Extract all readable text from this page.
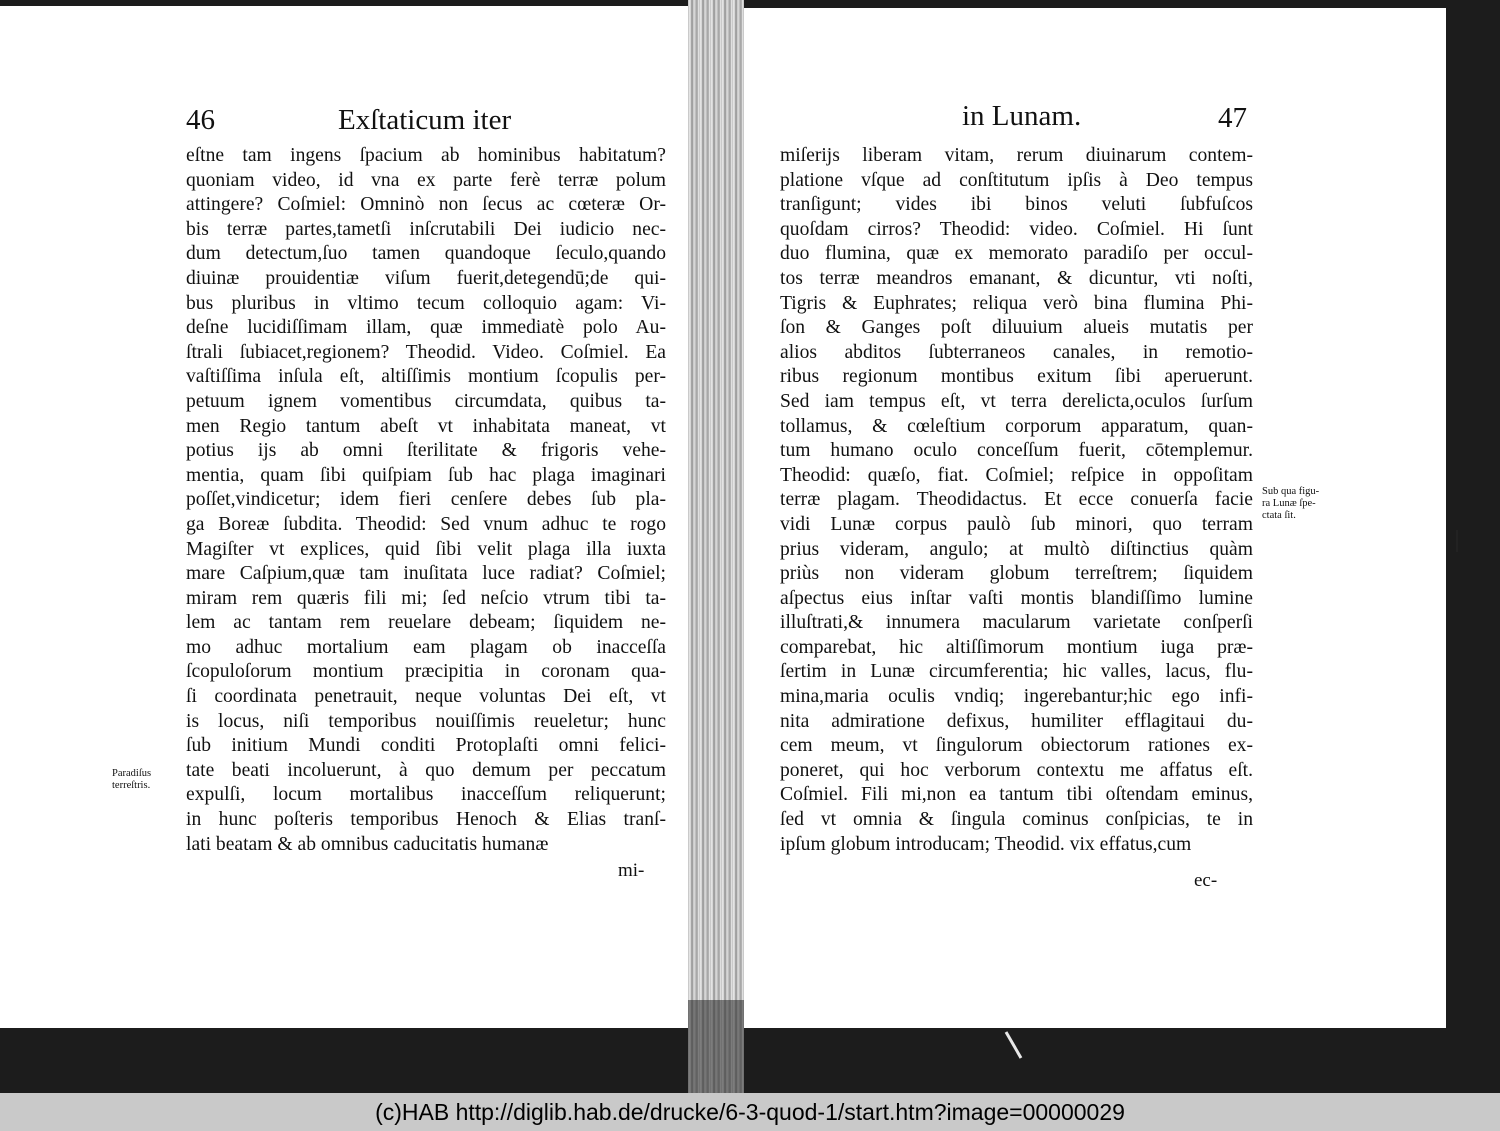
46	Exſtaticum iter
eſtne tam ingens ſpacium ab hominibus habitatum?
quoniam video, id vna ex parte ferè terræ polum
attingere? Coſmiel: Omninò non ſecus ac cœteræ Or-
bis terræ partes,tametſi inſcrutabili Dei iudicio nec-
dum detectum,ſuo tamen quandoque ſeculo,quando
diuinæ prouidentiæ viſum fuerit,detegendū;de qui-
bus pluribus in vltimo tecum colloquio agam: Vi-
deſne lucidiſſimam illam, quæ immediatè polo Au-
ſtrali ſubiacet,regionem? Theodid. Video. Coſmiel. Ea
vaſtiſſima inſula eſt, altiſſimis montium ſcopulis per-
petuum ignem vomentibus circumdata, quibus ta-
men Regio tantum abeſt vt inhabitata maneat, vt
potius ijs ab omni ſterilitate & frigoris vehe-
mentia, quam ſibi quiſpiam ſub hac plaga imaginari
poſſet,vindicetur; idem fieri cenſere debes ſub pla-
ga Boreæ ſubdita. Theodid: Sed vnum adhuc te rogo
Magiſter vt explices, quid ſibi velit plaga illa iuxta
mare Caſpium,quæ tam inuſitata luce radiat? Coſmiel;
miram rem quæris fili mi; ſed neſcio vtrum tibi ta-
lem ac tantam rem reuelare debeam; ſiquidem ne-
mo adhuc mortalium eam plagam ob inacceſſa
ſcopuloſorum montium præcipitia in coronam qua-
ſi coordinata penetrauit, neque voluntas Dei eſt, vt
is locus, niſi temporibus nouiſſimis reueletur; hunc
ſub initium Mundi conditi Protoplaſti omni felici-
tate beati incoluerunt, à quo demum per peccatum
expulſi, locum mortalibus inacceſſum reliquerunt;
in hunc poſteris temporibus Henoch & Elias tranſ-
lati beatam & ab omnibus caducitatis humanæ
mi-
Paradiſus
terreſtris.
in Lunam.	47
miſerijs liberam vitam, rerum diuinarum contem-
platione vſque ad conſtitutum ipſis à Deo tempus
tranſigunt; vides ibi binos veluti ſubfuſcos
quoſdam cirros? Theodid: video. Coſmiel. Hi ſunt
duo flumina, quæ ex memorato paradiſo per occul-
tos terræ meandros emanant, & dicuntur, vti noſti,
Tigris & Euphrates; reliqua verò bina flumina Phi-
ſon & Ganges poſt diluuium alueis mutatis per
alios abditos ſubterraneos canales, in remotio-
ribus regionum montibus exitum ſibi aperuerunt.
Sed iam tempus eſt, vt terra derelicta,oculos ſurſum
tollamus, & cœleſtium corporum apparatum, quan-
tum humano oculo conceſſum fuerit, cōtemplemur.
Theodid: quæſo, fiat. Coſmiel; reſpice in oppoſitam
terræ plagam. Theodidactus. Et ecce conuerſa facie
vidi Lunæ corpus paulò ſub minori, quo terram
prius videram, angulo; at multò diſtinctius quàm
priùs non videram globum terreſtrem; ſiquidem
aſpectus eius inſtar vaſti montis blandiſſimo lumine
illuſtrati,& innumera macularum varietate conſperſi
comparebat, hic altiſſimorum montium iuga præ-
ſertim in Lunæ circumferentia; hic valles, lacus, flu-
mina,maria oculis vndiq; ingerebantur;hic ego infi-
nita admiratione defixus, humiliter efflagitaui du-
cem meum, vt ſingulorum obiectorum rationes ex-
poneret, qui hoc verborum contextu me affatus eſt.
Coſmiel. Fili mi,non ea tantum tibi oſtendam eminus,
ſed vt omnia & ſingula cominus conſpicias, te in
ipſum globum introducam; Theodid. vix effatus,cum
ec-
Sub qua figu-
ra Lunæ ſpe-
ctata ſit.
(c)HAB http://diglib.hab.de/drucke/6-3-quod-1/start.htm?image=00000029
